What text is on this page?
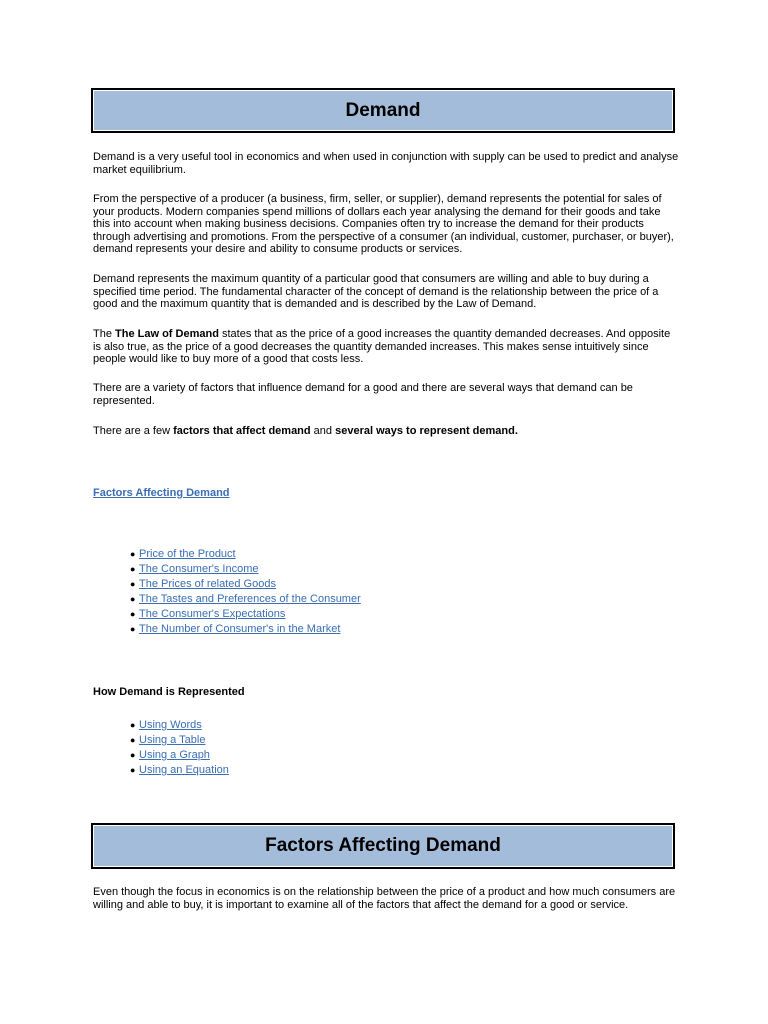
Demand

Demand is a very useful tool in economics and when used in conjunction with supply can be used to predict and analyse market equilibrium.

From the perspective of a producer (a business, firm, seller, or supplier), demand represents the potential for sales of your products. Modern companies spend millions of dollars each year analysing the demand for their goods and take this into account when making business decisions. Companies often try to increase the demand for their products through advertising and promotions. From the perspective of a consumer (an individual, customer, purchaser, or buyer), demand represents your desire and ability to consume products or services.

Demand represents the maximum quantity of a particular good that consumers are willing and able to buy during a specified time period. The fundamental character of the concept of demand is the relationship between the price of a good and the maximum quantity that is demanded and is described by the Law of Demand.

The The Law of Demand states that as the price of a good increases the quantity demanded decreases. And opposite is also true, as the price of a good decreases the quantity demanded increases. This makes sense intuitively since people would like to buy more of a good that costs less.

There are a variety of factors that influence demand for a good and there are several ways that demand can be represented.

There are a few factors that affect demand and several ways to represent demand.

Factors Affecting Demand
● Price of the Product
● The Consumer's Income
● The Prices of related Goods
● The Tastes and Preferences of the Consumer
● The Consumer's Expectations
● The Number of Consumer's in the Market

How Demand is Represented

● Using Words
● Using a Table
● Using a Graph
● Using an Equation
Factors Affecting Demand

Even though the focus in economics is on the relationship between the price of a product and how much consumers are willing and able to buy, it is important to examine all of the factors that affect the demand for a good or service.
